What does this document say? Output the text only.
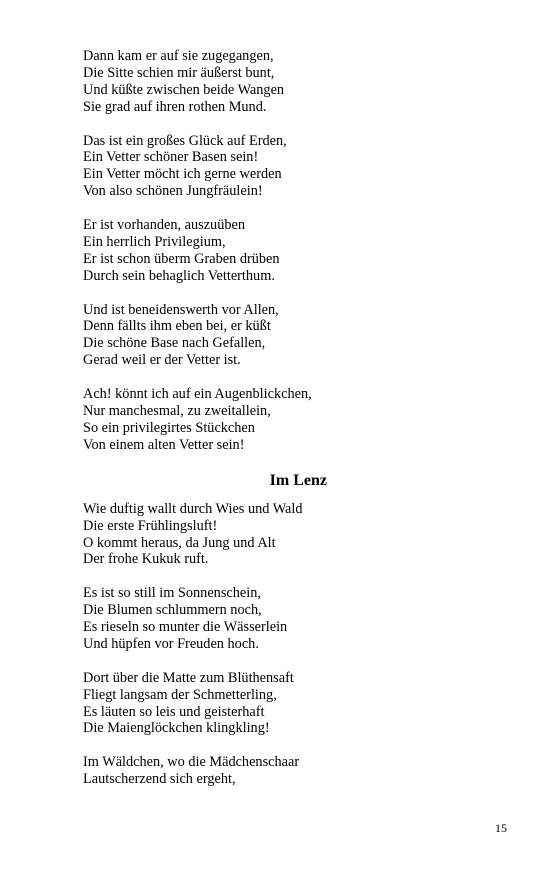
Dann kam er auf sie zugegangen,
Die Sitte schien mir äußerst bunt,
Und küßte zwischen beide Wangen
Sie grad auf ihren rothen Mund.
Das ist ein großes Glück auf Erden,
Ein Vetter schöner Basen sein!
Ein Vetter möcht ich gerne werden
Von also schönen Jungfräulein!
Er ist vorhanden, auszuüben
Ein herrlich Privilegium,
Er ist schon überm Graben drüben
Durch sein behaglich Vetterthum.
Und ist beneidenswerth vor Allen,
Denn fällts ihm eben bei, er küßt
Die schöne Base nach Gefallen,
Gerad weil er der Vetter ist.
Ach! könnt ich auf ein Augenblickchen,
Nur manchesmal, zu zweitallein,
So ein privilegirtes Stückchen
Von einem alten Vetter sein!
Im Lenz
Wie duftig wallt durch Wies und Wald
Die erste Frühlingsluft!
O kommt heraus, da Jung und Alt
Der frohe Kukuk ruft.
Es ist so still im Sonnenschein,
Die Blumen schlummern noch,
Es rieseln so munter die Wässerlein
Und hüpfen vor Freuden hoch.
Dort über die Matte zum Blüthensaft
Fliegt langsam der Schmetterling,
Es läuten so leis und geisterhaft
Die Maienglöckchen klingkling!
Im Wäldchen, wo die Mädchenschaar
Lautscherzend sich ergeht,
15
